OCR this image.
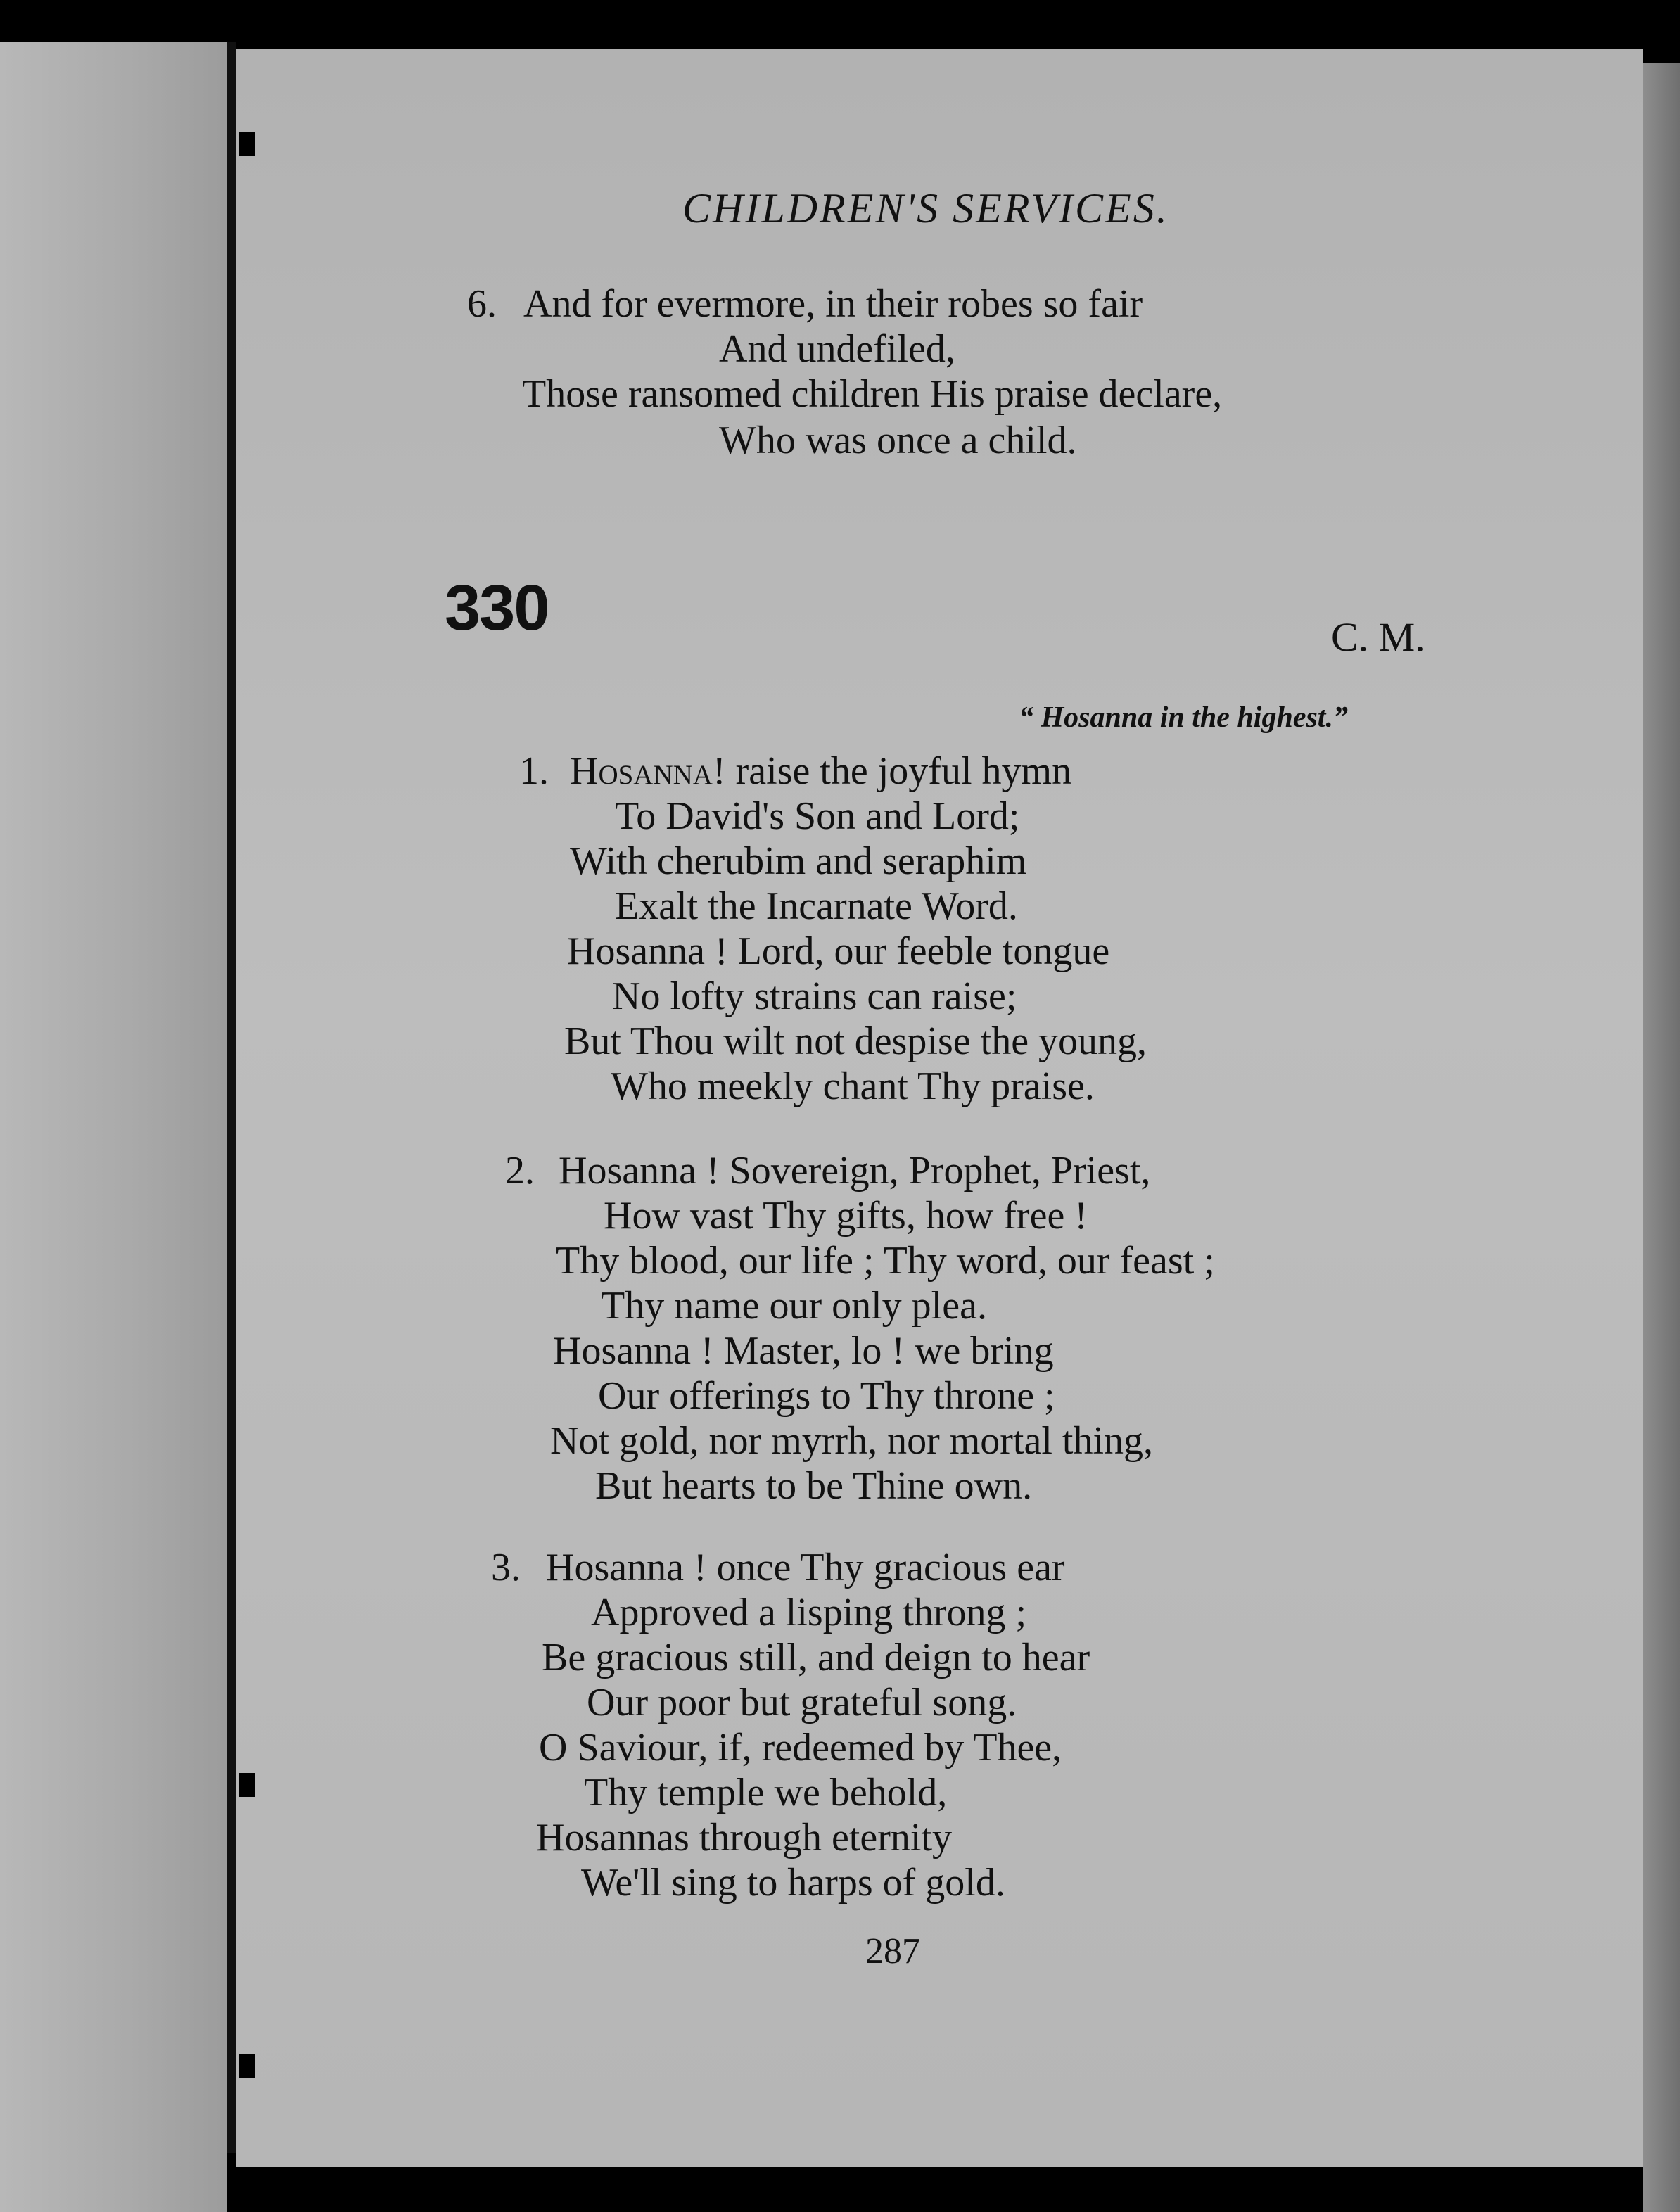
CHILDREN'S SERVICES.

6. And for evermore, in their robes so fair

And undefiled,

Those ransomed children His praise declare,

Who was once a child.

330	C. M.

“ Hosanna in the highest.”

1. Hosanna! raise the joyful hymn

To David's Son and Lord;

With cherubim and seraphim

Exalt the Incarnate Word.

Hosanna ! Lord, our feeble tongue

No lofty strains can raise;

But Thou wilt not despise the young,

Who meekly chant Thy praise.

2. Hosanna ! Sovereign, Prophet, Priest,

How vast Thy gifts, how free !

Thy blood, our life ; Thy word, our feast ;

Thy name our only plea.

Hosanna ! Master, lo ! we bring

Our offerings to Thy throne ;

Not gold, nor myrrh, nor mortal thing,

But hearts to be Thine own.

3. Hosanna ! once Thy gracious ear

Approved a lisping throng ;

Be gracious still, and deign to hear

Our poor but grateful song.

O Saviour, if, redeemed by Thee,

Thy temple we behold,

Hosannas through eternity

We'll sing to harps of gold.

287
